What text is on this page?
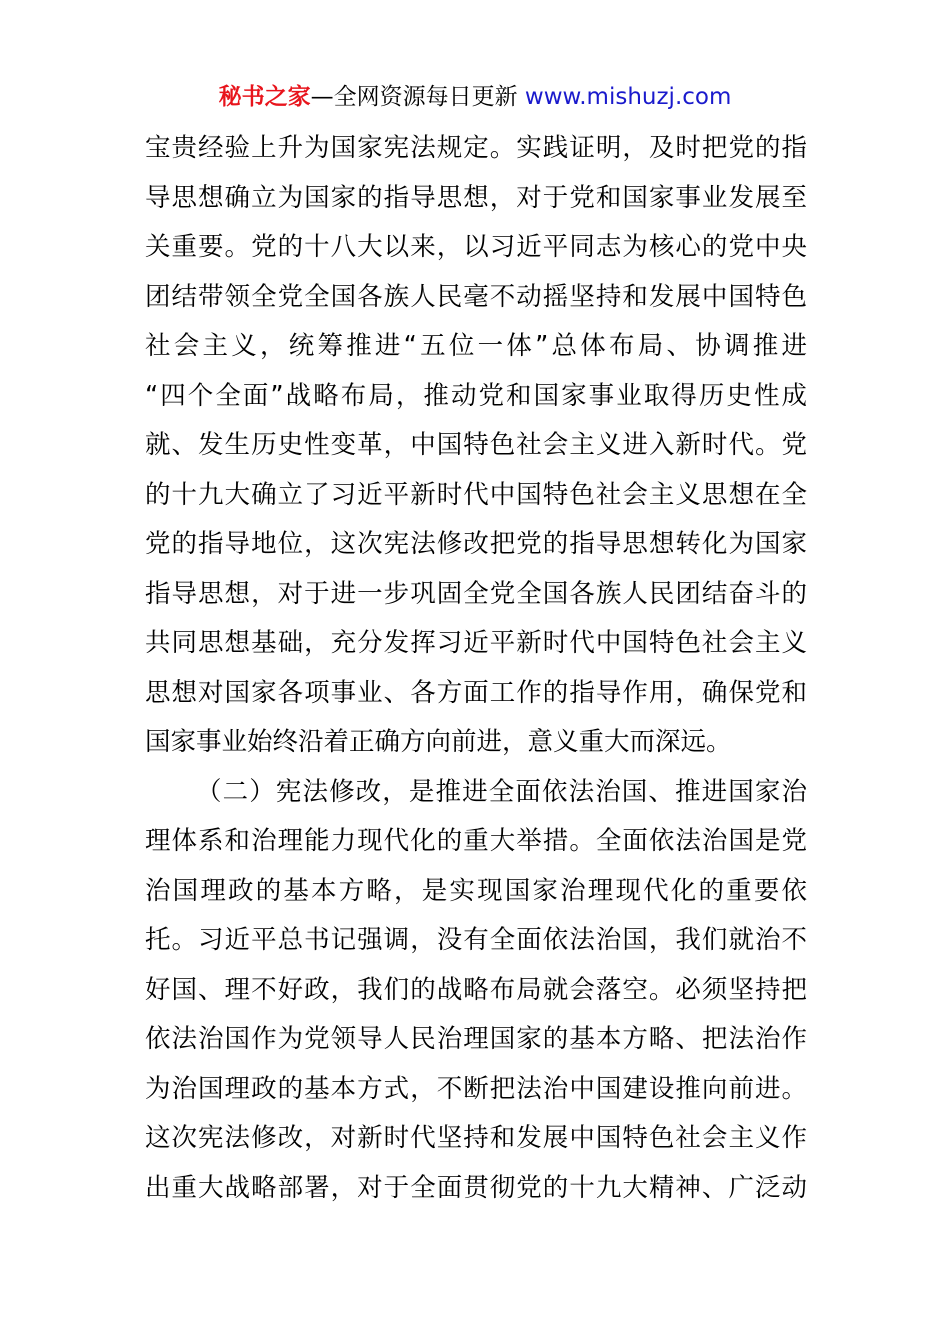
秘书之家—全网资源每日更新 www.mishuzj.com
宝贵经验上升为国家宪法规定。实践证明，及时把党的指
导思想确立为国家的指导思想，对于党和国家事业发展至
关重要。党的十八大以来，以习近平同志为核心的党中央
团结带领全党全国各族人民毫不动摇坚持和发展中国特色
社会主义，统筹推进“五位一体”总体布局、协调推进
“四个全面”战略布局，推动党和国家事业取得历史性成
就、发生历史性变革，中国特色社会主义进入新时代。党
的十九大确立了习近平新时代中国特色社会主义思想在全
党的指导地位，这次宪法修改把党的指导思想转化为国家
指导思想，对于进一步巩固全党全国各族人民团结奋斗的
共同思想基础，充分发挥习近平新时代中国特色社会主义
思想对国家各项事业、各方面工作的指导作用，确保党和
国家事业始终沿着正确方向前进，意义重大而深远。
（二）宪法修改，是推进全面依法治国、推进国家治
理体系和治理能力现代化的重大举措。全面依法治国是党
治国理政的基本方略，是实现国家治理现代化的重要依
托。习近平总书记强调，没有全面依法治国，我们就治不
好国、理不好政，我们的战略布局就会落空。必须坚持把
依法治国作为党领导人民治理国家的基本方略、把法治作
为治国理政的基本方式，不断把法治中国建设推向前进。
这次宪法修改，对新时代坚持和发展中国特色社会主义作
出重大战略部署，对于全面贯彻党的十九大精神、广泛动
